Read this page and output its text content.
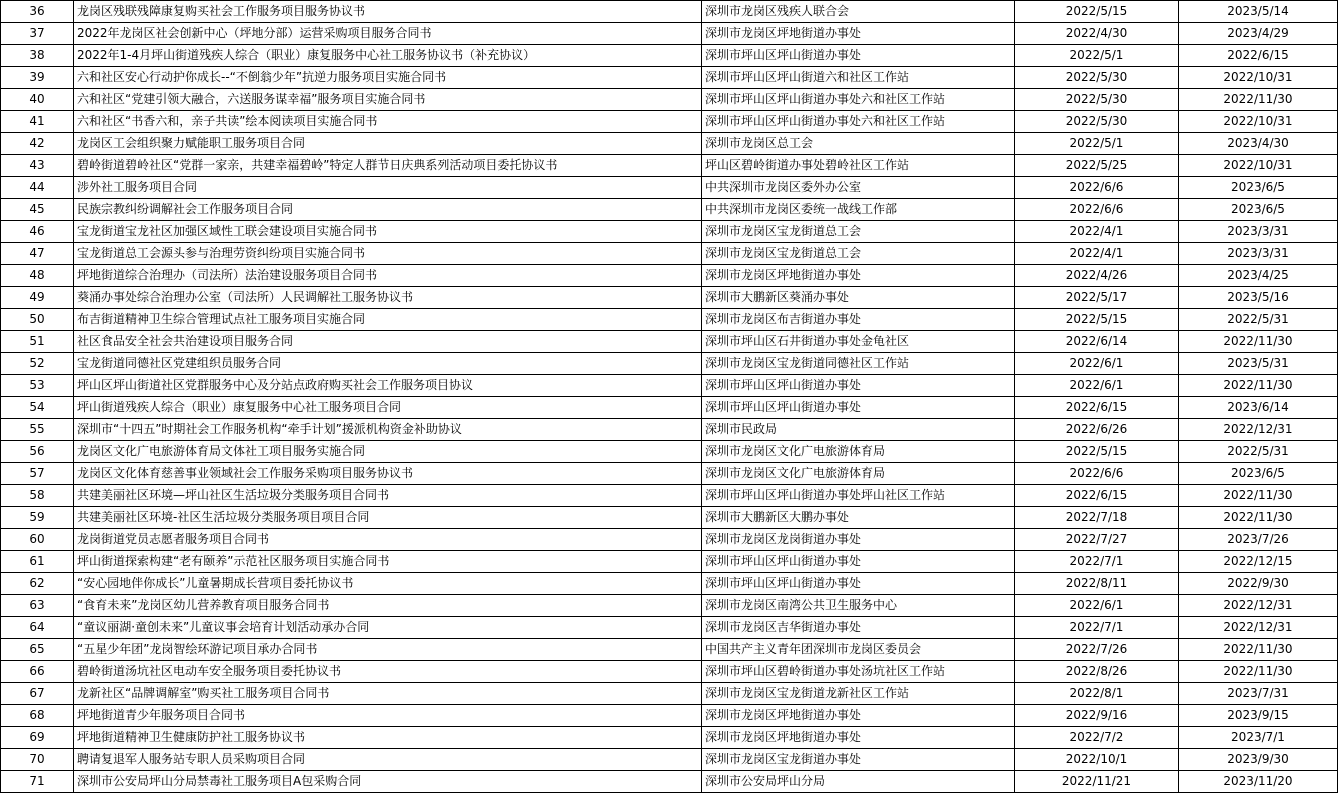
36	龙岗区残联残障康复购买社会工作服务项目服务协议书	深圳市龙岗区残疾人联合会	2022/5/15	2023/5/14
37	2022年龙岗区社会创新中心（坪地分部）运营采购项目服务合同书	深圳市龙岗区坪地街道办事处	2022/4/30	2023/4/29
38	2022年1-4月坪山街道残疾人综合（职业）康复服务中心社工服务协议书（补充协议）	深圳市坪山区坪山街道办事处	2022/5/1	2022/6/15
39	六和社区安心行动护你成长--“不倒翁少年”抗逆力服务项目实施合同书	深圳市坪山区坪山街道六和社区工作站	2022/5/30	2022/10/31
40	六和社区“党建引领大融合，六送服务谋幸福”服务项目实施合同书	深圳市坪山区坪山街道办事处六和社区工作站	2022/5/30	2022/11/30
41	六和社区“书香六和，亲子共读”绘本阅读项目实施合同书	深圳市坪山区坪山街道办事处六和社区工作站	2022/5/30	2022/10/31
42	龙岗区工会组织聚力赋能职工服务项目合同	深圳市龙岗区总工会	2022/5/1	2023/4/30
43	碧岭街道碧岭社区“党群一家亲，共建幸福碧岭”特定人群节日庆典系列活动项目委托协议书	坪山区碧岭街道办事处碧岭社区工作站	2022/5/25	2022/10/31
44	涉外社工服务项目合同	中共深圳市龙岗区委外办公室	2022/6/6	2023/6/5
45	民族宗教纠纷调解社会工作服务项目合同	中共深圳市龙岗区委统一战线工作部	2022/6/6	2023/6/5
46	宝龙街道宝龙社区加强区域性工联会建设项目实施合同书	深圳市龙岗区宝龙街道总工会	2022/4/1	2023/3/31
47	宝龙街道总工会源头参与治理劳资纠纷项目实施合同书	深圳市龙岗区宝龙街道总工会	2022/4/1	2023/3/31
48	坪地街道综合治理办（司法所）法治建设服务项目合同书	深圳市龙岗区坪地街道办事处	2022/4/26	2023/4/25
49	葵涌办事处综合治理办公室（司法所）人民调解社工服务协议书	深圳市大鹏新区葵涌办事处	2022/5/17	2023/5/16
50	布吉街道精神卫生综合管理试点社工服务项目实施合同	深圳市龙岗区布吉街道办事处	2022/5/15	2022/5/31
51	社区食品安全社会共治建设项目服务合同	深圳市坪山区石井街道办事处金龟社区	2022/6/14	2022/11/30
52	宝龙街道同德社区党建组织员服务合同	深圳市龙岗区宝龙街道同德社区工作站	2022/6/1	2023/5/31
53	坪山区坪山街道社区党群服务中心及分站点政府购买社会工作服务项目协议	深圳市坪山区坪山街道办事处	2022/6/1	2022/11/30
54	坪山街道残疾人综合（职业）康复服务中心社工服务项目合同	深圳市坪山区坪山街道办事处	2022/6/15	2023/6/14
55	深圳市“十四五”时期社会工作服务机构“牵手计划”援派机构资金补助协议	深圳市民政局	2022/6/26	2022/12/31
56	龙岗区文化广电旅游体育局文体社工项目服务实施合同	深圳市龙岗区文化广电旅游体育局	2022/5/15	2022/5/31
57	龙岗区文化体育慈善事业领域社会工作服务采购项目服务协议书	深圳市龙岗区文化广电旅游体育局	2022/6/6	2023/6/5
58	共建美丽社区环境—坪山社区生活垃圾分类服务项目合同书	深圳市坪山区坪山街道办事处坪山社区工作站	2022/6/15	2022/11/30
59	共建美丽社区环境-社区生活垃圾分类服务项目项目合同	深圳市大鹏新区大鹏办事处	2022/7/18	2022/11/30
60	龙岗街道党员志愿者服务项目合同书	深圳市龙岗区龙岗街道办事处	2022/7/27	2023/7/26
61	坪山街道探索构建“老有颐养”示范社区服务项目实施合同书	深圳市坪山区坪山街道办事处	2022/7/1	2022/12/15
62	“安心园地伴你成长”儿童暑期成长营项目委托协议书	深圳市坪山区坪山街道办事处	2022/8/11	2022/9/30
63	“食育未来”龙岗区幼儿营养教育项目服务合同书	深圳市龙岗区南湾公共卫生服务中心	2022/6/1	2022/12/31
64	“童议丽湖·童创未来”儿童议事会培育计划活动承办合同	深圳市龙岗区吉华街道办事处	2022/7/1	2022/12/31
65	“五星少年团”龙岗智绘环游记项目承办合同书	中国共产主义青年团深圳市龙岗区委员会	2022/7/26	2022/11/30
66	碧岭街道汤坑社区电动车安全服务项目委托协议书	深圳市坪山区碧岭街道办事处汤坑社区工作站	2022/8/26	2022/11/30
67	龙新社区“品牌调解室”购买社工服务项目合同书	深圳市龙岗区宝龙街道龙新社区工作站	2022/8/1	2023/7/31
68	坪地街道青少年服务项目合同书	深圳市龙岗区坪地街道办事处	2022/9/16	2023/9/15
69	坪地街道精神卫生健康防护社工服务协议书	深圳市龙岗区坪地街道办事处	2022/7/2	2023/7/1
70	聘请复退军人服务站专职人员采购项目合同	深圳市龙岗区宝龙街道办事处	2022/10/1	2023/9/30
71	深圳市公安局坪山分局禁毒社工服务项目A包采购合同	深圳市公安局坪山分局	2022/11/21	2023/11/20
